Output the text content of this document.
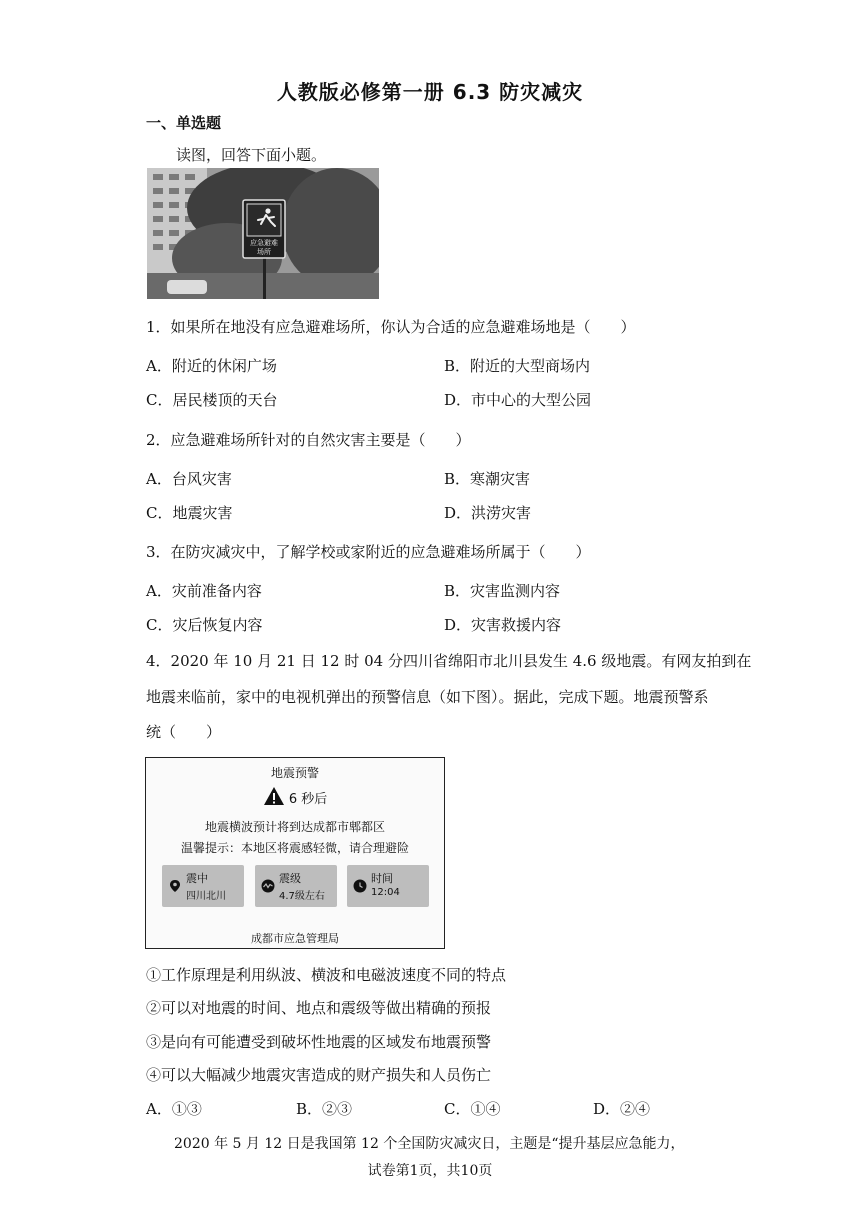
人教版必修第一册 6.3 防灾减灾
一、单选题
读图，回答下面小题。
应急避难
场所
1．如果所在地没有应急避难场所，你认为合适的应急避难场地是（　　）
A．附近的休闲广场	B．附近的大型商场内
C．居民楼顶的天台	D．市中心的大型公园
2．应急避难场所针对的自然灾害主要是（　　）
A．台风灾害	B．寒潮灾害
C．地震灾害	D．洪涝灾害
3．在防灾减灾中，了解学校或家附近的应急避难场所属于（　　）
A．灾前准备内容	B．灾害监测内容
C．灾后恢复内容	D．灾害救援内容
4．2020 年 10 月 21 日 12 时 04 分四川省绵阳市北川县发生 4.6 级地震。有网友拍到在
地震来临前，家中的电视机弹出的预警信息（如下图）。据此，完成下题。地震预警系
统（　　）
地震预警
6 秒后
地震横波预计将到达成都市郫都区
温馨提示：本地区将震感轻微，请合理避险
震中
四川北川
震级
4.7级左右
时间
12:04
成都市应急管理局
①工作原理是利用纵波、横波和电磁波速度不同的特点
②可以对地震的时间、地点和震级等做出精确的预报
③是向有可能遭受到破坏性地震的区域发布地震预警
④可以大幅减少地震灾害造成的财产损失和人员伤亡
A．①③	B．②③	C．①④	D．②④
2020 年 5 月 12 日是我国第 12 个全国防灾减灾日，主题是“提升基层应急能力，
试卷第1页，共10页
